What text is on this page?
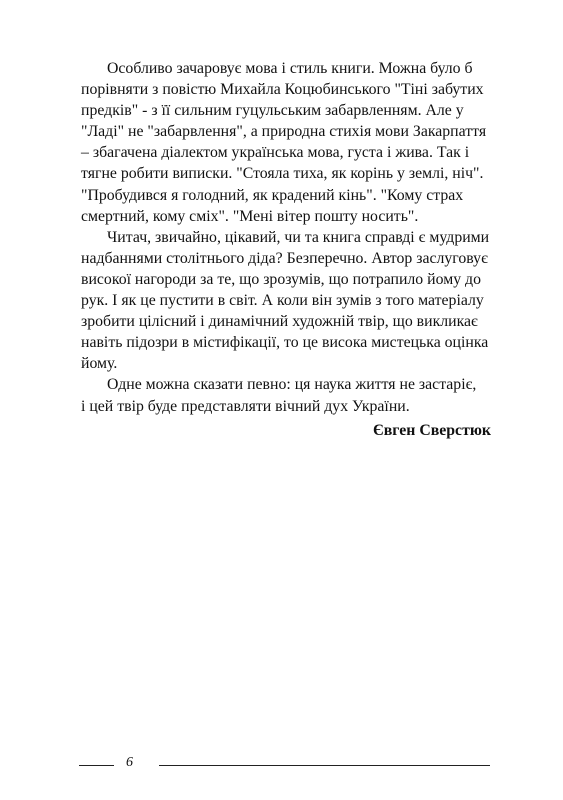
Особливо зачаровує мова і стиль книги. Можна було б
порівняти з повістю Михайла Коцюбинського "Тіні забутих
предків" - з її сильним гуцульським забарвленням. Але у
"Ладі" не "забарвлення", а природна стихія мови Закарпаття
– збагачена діалектом українська мова, густа і жива. Так і
тягне робити виписки. "Стояла тиха, як корінь у землі, ніч".
"Пробудився я голодний, як крадений кінь". "Кому страх
смертний, кому сміх". "Мені вітер пошту носить".

Читач, звичайно, цікавий, чи та книга справді є мудрими
надбаннями столітнього діда? Безперечно. Автор заслуговує
високої нагороди за те, що зрозумів, що потрапило йому до
рук. І як це пустити в світ. А коли він зумів з того матеріалу
зробити цілісний і динамічний художній твір, що викликає
навіть підозри в містифікації, то це висока мистецька оцінка
йому.

Одне можна сказати певно: ця наука життя не застаріє,
і цей твір буде представляти вічний дух України.

Євген Сверстюк

6
